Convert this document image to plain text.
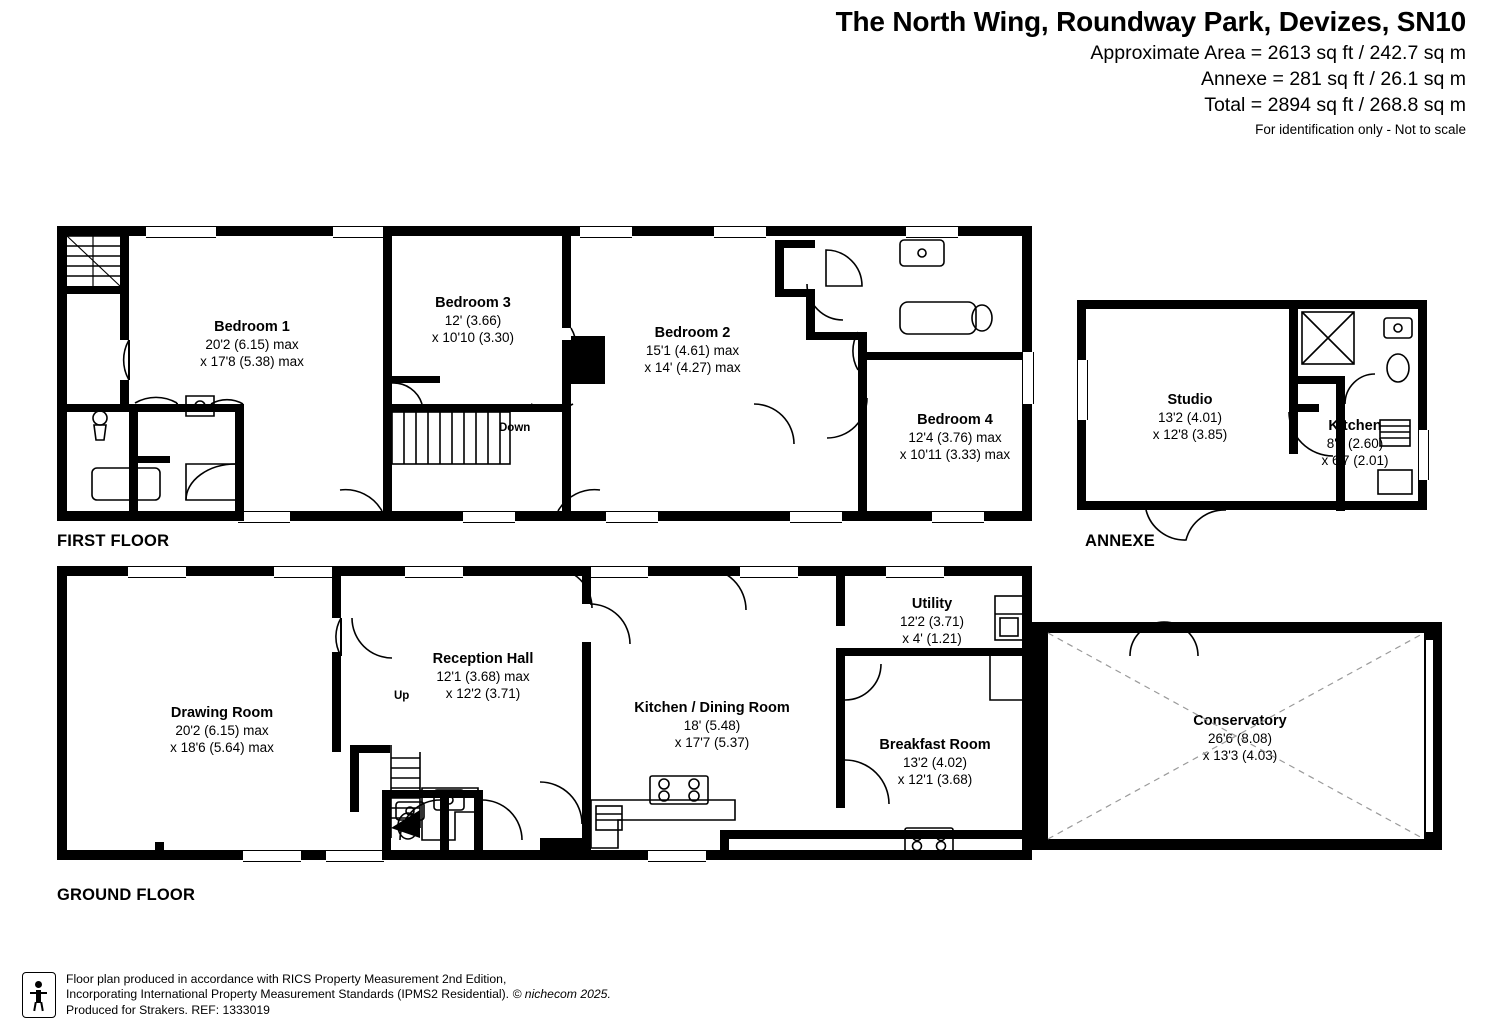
The North Wing, Roundway Park, Devizes, SN10
Approximate Area = 2613 sq ft / 242.7 sq m
Annexe = 281 sq ft / 26.1 sq m
Total = 2894 sq ft / 268.8 sq m
For identification only - Not to scale
Bedroom 1
20'2 (6.15) max
x 17'8 (5.38) max
Bedroom 3
12' (3.66)
x 10'10 (3.30)	Bedroom 2
15'1 (4.61) max
x 14' (4.27) max
Bedroom 4
12'4 (3.76) max
x 10'11 (3.33) max
Down
FIRST FLOOR
Studio
13'2 (4.01)
x 12'8 (3.85)
Kitchen
8'6 (2.60)
x 6'7 (2.01)
ANNEXE
Drawing Room
20'2 (6.15) max
x 18'6 (5.64) max
Reception Hall
12'1 (3.68) max
x 12'2 (3.71)
Kitchen / Dining Room
18' (5.48)
x 17'7 (5.37)
Utility
12'2 (3.71)
x 4' (1.21)
Breakfast Room
13'2 (4.02)
x 12'1 (3.68)
Conservatory
26'6 (8.08)
x 13'3 (4.03)
Up
GROUND FLOOR
Floor plan produced in accordance with RICS Property Measurement 2nd Edition,
Incorporating International Property Measurement Standards (IPMS2 Residential). © nichecom 2025.
Produced for Strakers. REF: 1333019
